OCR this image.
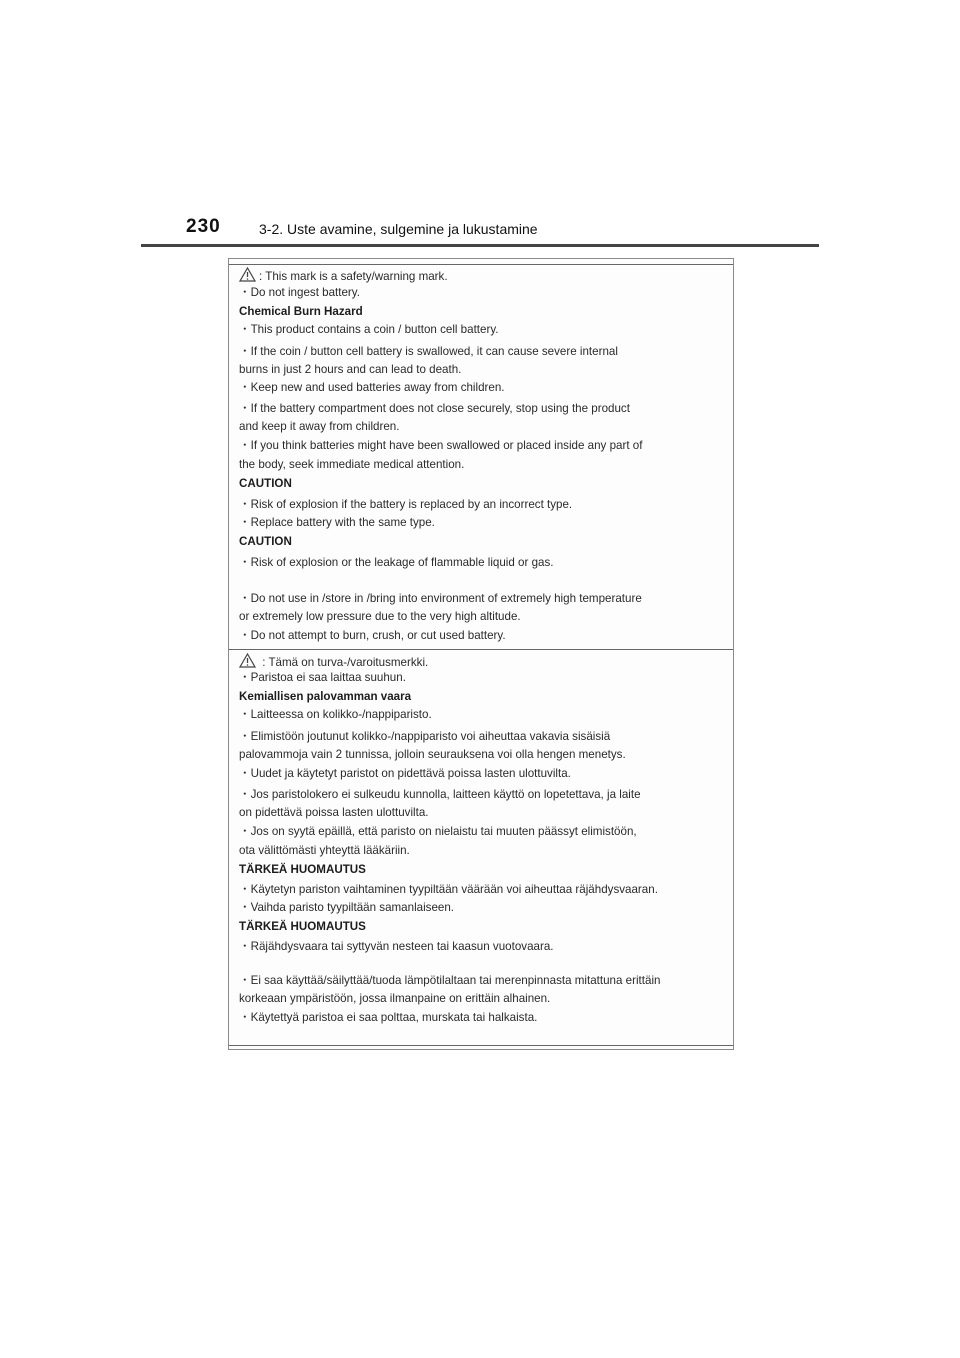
230	3-2. Uste avamine, sulgemine ja lukustamine
: This mark is a safety/warning mark.
・Do not ingest battery.
Chemical Burn Hazard
・This product contains a coin / button cell battery.
・If the coin / button cell battery is swallowed, it can cause severe internal
burns in just 2 hours and can lead to death.
・Keep new and used batteries away from children.
・If the battery compartment does not close securely, stop using the product
and keep it away from children.
・If you think batteries might have been swallowed or placed inside any part of
the body, seek immediate medical attention.
CAUTION
・Risk of explosion if the battery is replaced by an incorrect type.
・Replace battery with the same type.
CAUTION
・Risk of explosion or the leakage of flammable liquid or gas.
・Do not use in /store in /bring into environment of extremely high temperature
or extremely low pressure due to the very high altitude.
・Do not attempt to burn, crush, or cut used battery.
: Tämä on turva-/varoitusmerkki.
・Paristoa ei saa laittaa suuhun.
Kemiallisen palovamman vaara
・Laitteessa on kolikko-/nappiparisto.
・Elimistöön joutunut kolikko-/nappiparisto voi aiheuttaa vakavia sisäisiä
palovammoja vain 2 tunnissa, jolloin seurauksena voi olla hengen menetys.
・Uudet ja käytetyt paristot on pidettävä poissa lasten ulottuvilta.
・Jos paristolokero ei sulkeudu kunnolla, laitteen käyttö on lopetettava, ja laite
on pidettävä poissa lasten ulottuvilta.
・Jos on syytä epäillä, että paristo on nielaistu tai muuten päässyt elimistöön,
ota välittömästi yhteyttä lääkäriin.
TÄRKEÄ HUOMAUTUS
・Käytetyn pariston vaihtaminen tyypiltään väärään voi aiheuttaa räjähdysvaaran.
・Vaihda paristo tyypiltään samanlaiseen.
TÄRKEÄ HUOMAUTUS
・Räjähdysvaara tai syttyvän nesteen tai kaasun vuotovaara.
・Ei saa käyttää/säilyttää/tuoda lämpötilaltaan tai merenpinnasta mitattuna erittäin
korkeaan ympäristöön, jossa ilmanpaine on erittäin alhainen.
・Käytettyä paristoa ei saa polttaa, murskata tai halkaista.
